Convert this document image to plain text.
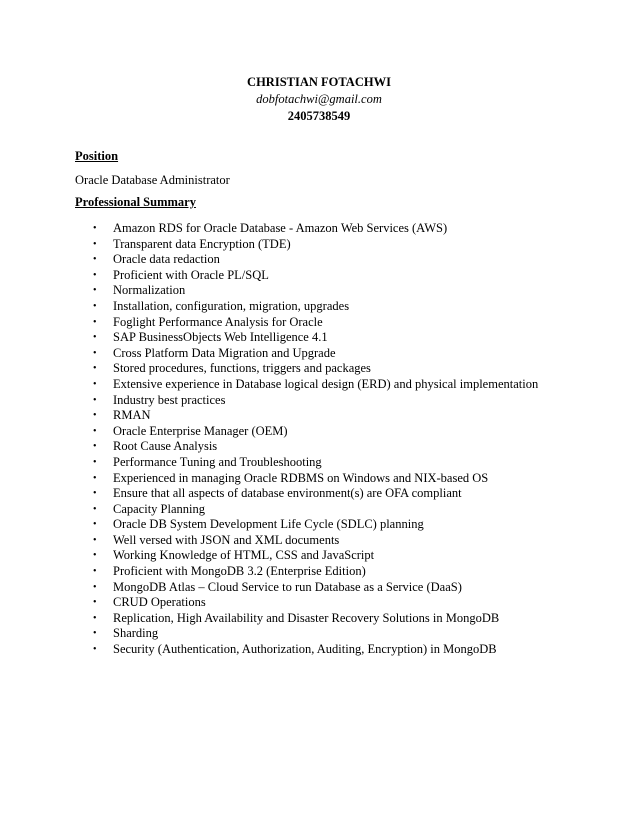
CHRISTIAN FOTACHWI
dobfotachwi@gmail.com
2405738549
Position
Oracle Database Administrator
Professional Summary
• Amazon RDS for Oracle Database - Amazon Web Services (AWS)
• Transparent data Encryption (TDE)
• Oracle data redaction
• Proficient with Oracle PL/SQL
• Normalization
• Installation, configuration, migration, upgrades
• Foglight Performance Analysis for Oracle
• SAP BusinessObjects Web Intelligence 4.1
• Cross Platform Data Migration and Upgrade
• Stored procedures, functions, triggers and packages
• Extensive experience in Database logical design (ERD) and physical implementation
• Industry best practices
• RMAN
• Oracle Enterprise Manager (OEM)
• Root Cause Analysis
• Performance Tuning and Troubleshooting
• Experienced in managing Oracle RDBMS on Windows and NIX-based OS
• Ensure that all aspects of database environment(s) are OFA compliant
• Capacity Planning
• Oracle DB System Development Life Cycle (SDLC) planning
• Well versed with JSON and XML documents
• Working Knowledge of HTML, CSS and JavaScript
• Proficient with MongoDB 3.2 (Enterprise Edition)
• MongoDB Atlas – Cloud Service to run Database as a Service (DaaS)
• CRUD Operations
• Replication, High Availability and Disaster Recovery Solutions in MongoDB
• Sharding
• Security (Authentication, Authorization, Auditing, Encryption) in MongoDB
